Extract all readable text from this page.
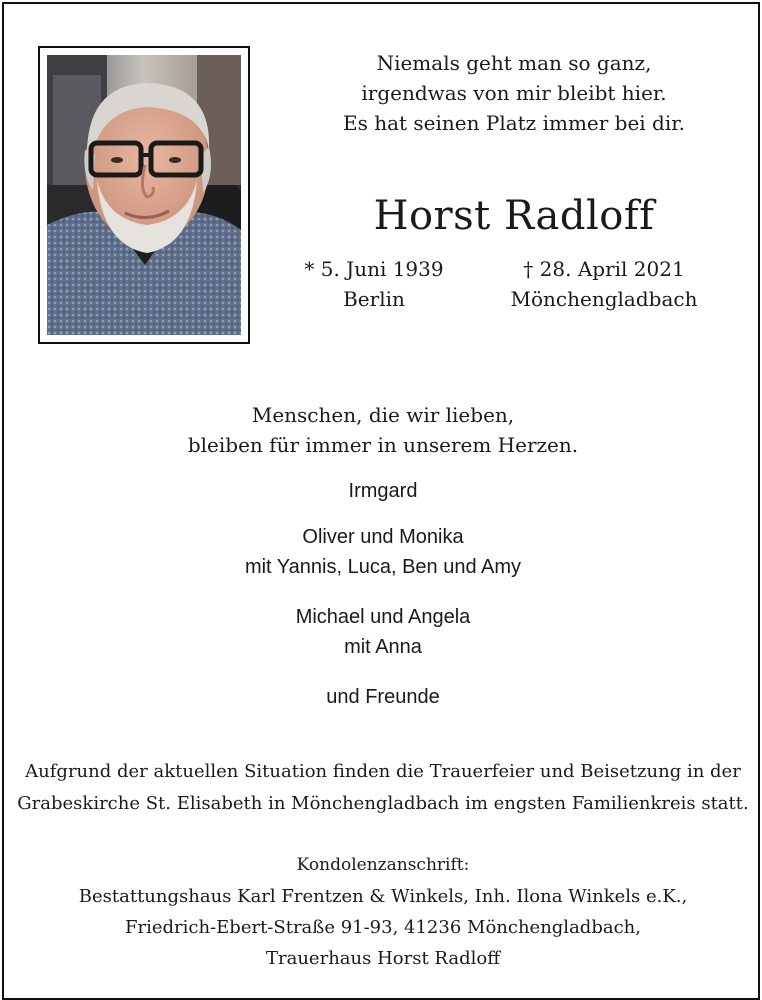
Niemals geht man so ganz,
irgendwas von mir bleibt hier.
Es hat seinen Platz immer bei dir.
Horst Radloff
* 5. Juni 1939
Berlin
† 28. April 2021
Mönchengladbach
Menschen, die wir lieben,
bleiben für immer in unserem Herzen.
Irmgard
Oliver und Monika
mit Yannis, Luca, Ben und Amy
Michael und Angela
mit Anna
und Freunde
Aufgrund der aktuellen Situation finden die Trauerfeier und Beisetzung in der
Grabeskirche St. Elisabeth in Mönchengladbach im engsten Familienkreis statt.
Kondolenzanschrift:
Bestattungshaus Karl Frentzen & Winkels, Inh. Ilona Winkels e.K.,
Friedrich-Ebert-Straße 91-93, 41236 Mönchengladbach,
Trauerhaus Horst Radloff
